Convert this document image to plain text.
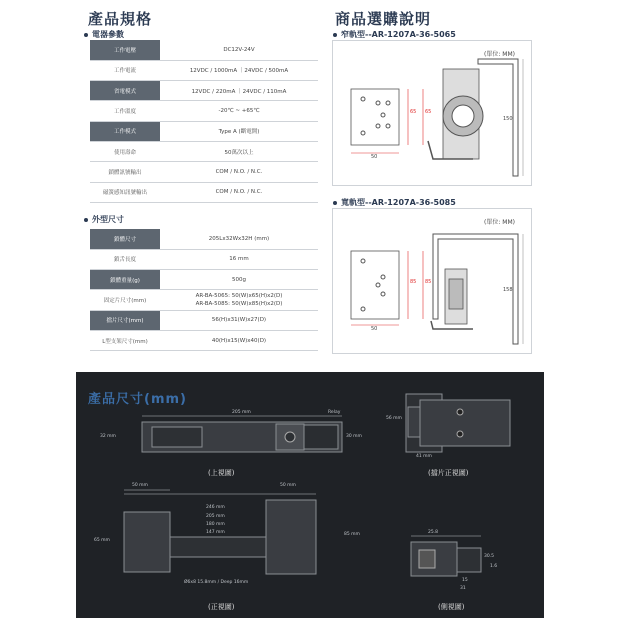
產品規格
電器參數
工作電壓	DC12V-24V
工作電流	12VDC / 1000mA ｜24VDC / 500mA
省電模式	12VDC / 220mA ｜24VDC / 110mA
工作溫度	-20℃ ~ +65℃
工作模式	Type A (斷電開)
使用壽命	50萬次以上
鎖體訊號輸出	COM / N.O. / N.C.
磁簧感知訊號輸出	COM / N.O. / N.C.
外型尺寸
鎖體尺寸	205Lx32Wx32H (mm)
鎖舌長度	16 mm
鎖體重量(g)	500g
固定片尺寸(mm)	AR-BA-5065: 50(W)x65(H)x2(D)
AR-BA-5085: 50(W)x85(H)x2(D)

擋片尺寸(mm)	56(H)x31(W)x27(D)
L型支架尺寸(mm)	40(H)x15(W)x40(D)
商品選購說明
窄軌型--AR-1207A-36-5065
(單位: MM)
50
65 65
150
寬軌型--AR-1207A-36-5085
(單位: MM)
50
85 85
158
產品尺寸(mm)
205 mm
32 mm	30 mm
Relay
(上視圖)
56 mm
41 mm
(擋片正視圖)
50 mm	50 mm
246 mm
205 mm
180 mm
147 mm
65 mm
85 mm
Ø6x8 15.8mm / Deep 16mm
(正視圖)
25.8
30.5
1.6
15
31
(側視圖)
